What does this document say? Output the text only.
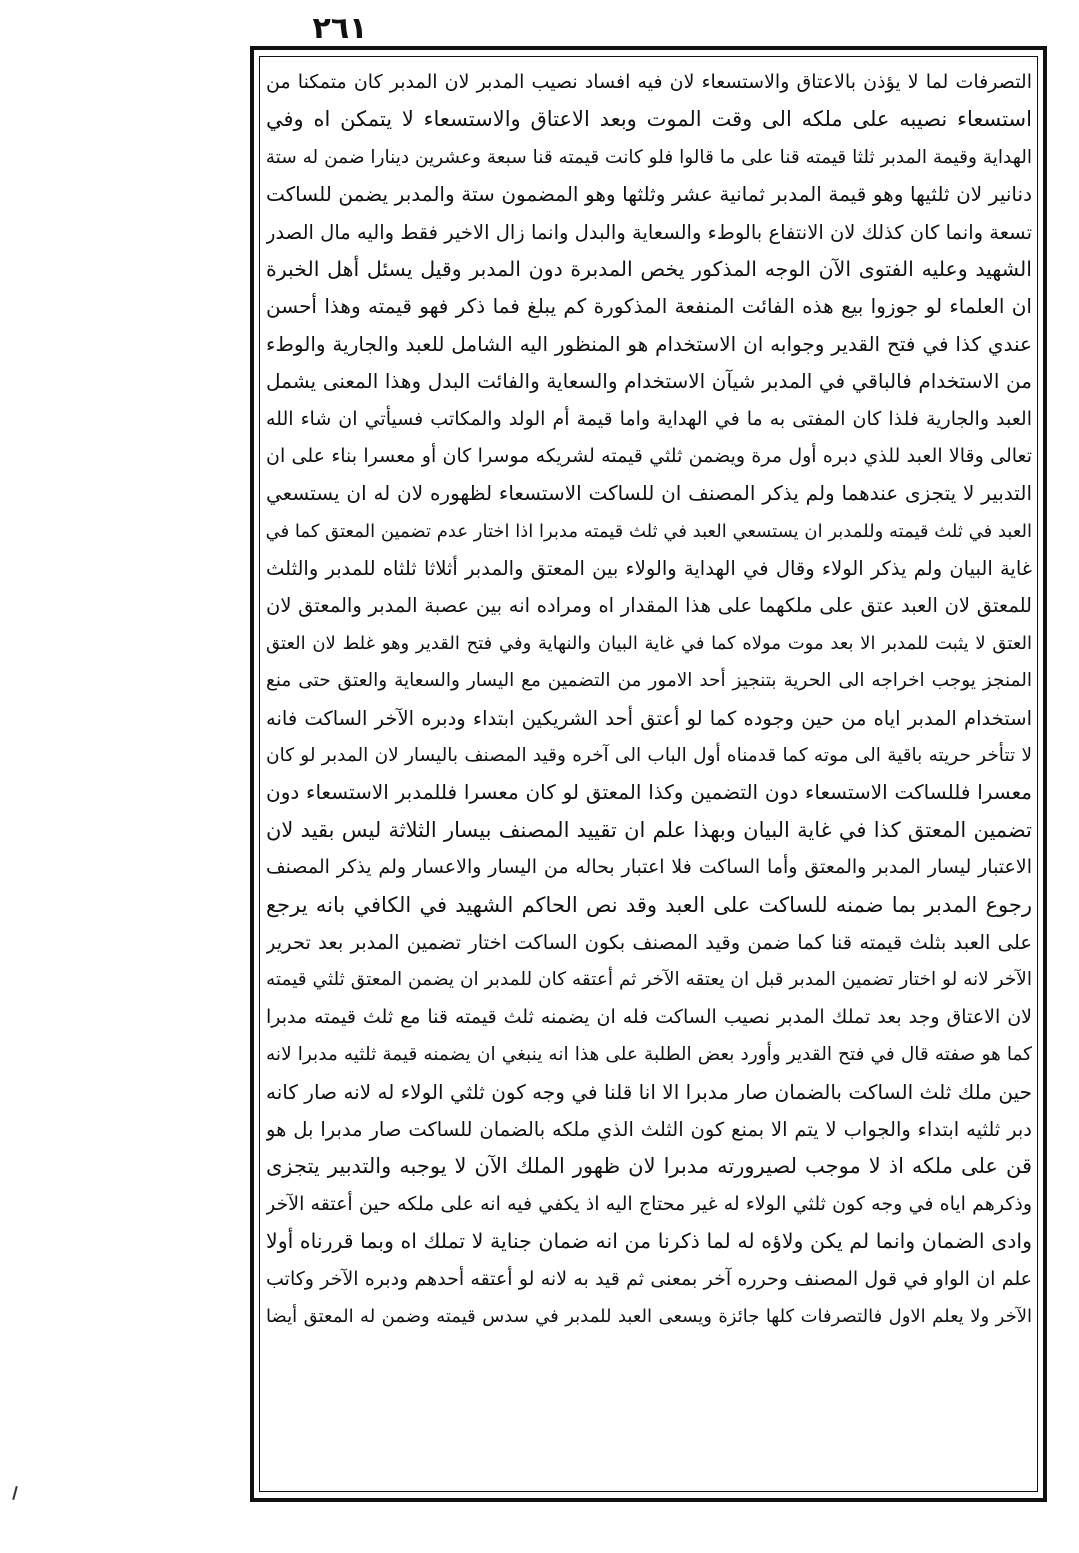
٢٦١
التصرفات لما لا يؤذن بالاعتاق والاستسعاء لان فيه افساد نصيب المدبر لان المدبر كان متمكنا من
استسعاء نصيبه على ملكه الى وقت الموت وبعد الاعتاق والاستسعاء لا يتمكن اه وفي
الهداية وقيمة المدبر ثلثا قيمته قنا على ما قالوا فلو كانت قيمته قنا سبعة وعشرين دينارا ضمن له ستة
دنانير لان ثلثيها وهو قيمة المدبر ثمانية عشر وثلثها وهو المضمون ستة والمدبر يضمن للساكت
تسعة وانما كان كذلك لان الانتفاع بالوطء والسعاية والبدل وانما زال الاخير فقط واليه مال الصدر
الشهيد وعليه الفتوى الآن الوجه المذكور يخص المدبرة دون المدبر وقيل يسئل أهل الخبرة
ان العلماء لو جوزوا بيع هذه الفائت المنفعة المذكورة كم يبلغ فما ذكر فهو قيمته وهذا أحسن
عندي كذا في فتح القدير وجوابه ان الاستخدام هو المنظور اليه الشامل للعبد والجارية والوطء
من الاستخدام فالباقي في المدبر شيآن الاستخدام والسعاية والفائت البدل وهذا المعنى يشمل
العبد والجارية فلذا كان المفتى به ما في الهداية واما قيمة أم الولد والمكاتب فسيأتي ان شاء الله
تعالى وقالا العبد للذي دبره أول مرة ويضمن ثلثي قيمته لشريكه موسرا كان أو معسرا بناء على ان
التدبير لا يتجزى عندهما ولم يذكر المصنف ان للساكت الاستسعاء لظهوره لان له ان يستسعي
العبد في ثلث قيمته وللمدبر ان يستسعي العبد في ثلث قيمته مدبرا اذا اختار عدم تضمين المعتق كما في
غاية البيان ولم يذكر الولاء وقال في الهداية والولاء بين المعتق والمدبر أثلاثا ثلثاه للمدبر والثلث
للمعتق لان العبد عتق على ملكهما على هذا المقدار اه ومراده انه بين عصبة المدبر والمعتق لان
العتق لا يثبت للمدبر الا بعد موت مولاه كما في غاية البيان والنهاية وفي فتح القدير وهو غلط لان العتق
المنجز يوجب اخراجه الى الحرية بتنجيز أحد الامور من التضمين مع اليسار والسعاية والعتق حتى منع
استخدام المدبر اياه من حين وجوده كما لو أعتق أحد الشريكين ابتداء ودبره الآخر الساكت فانه
لا تتأخر حريته باقية الى موته كما قدمناه أول الباب الى آخره وقيد المصنف باليسار لان المدبر لو كان
معسرا فللساكت الاستسعاء دون التضمين وكذا المعتق لو كان معسرا فللمدبر الاستسعاء دون
تضمين المعتق كذا في غاية البيان وبهذا علم ان تقييد المصنف بيسار الثلاثة ليس بقيد لان
الاعتبار ليسار المدبر والمعتق وأما الساكت فلا اعتبار بحاله من اليسار والاعسار ولم يذكر المصنف
رجوع المدبر بما ضمنه للساكت على العبد وقد نص الحاكم الشهيد في الكافي بانه يرجع
على العبد بثلث قيمته قنا كما ضمن وقيد المصنف بكون الساكت اختار تضمين المدبر بعد تحرير
الآخر لانه لو اختار تضمين المدبر قبل ان يعتقه الآخر ثم أعتقه كان للمدبر ان يضمن المعتق ثلثي قيمته
لان الاعتاق وجد بعد تملك المدبر نصيب الساكت فله ان يضمنه ثلث قيمته قنا مع ثلث قيمته مدبرا
كما هو صفته قال في فتح القدير وأورد بعض الطلبة على هذا انه ينبغي ان يضمنه قيمة ثلثيه مدبرا لانه
حين ملك ثلث الساكت بالضمان صار مدبرا الا انا قلنا في وجه كون ثلثي الولاء له لانه صار كانه
دبر ثلثيه ابتداء والجواب لا يتم الا بمنع كون الثلث الذي ملكه بالضمان للساكت صار مدبرا بل هو
قن على ملكه اذ لا موجب لصيرورته مدبرا لان ظهور الملك الآن لا يوجبه والتدبير يتجزى
وذكرهم اياه في وجه كون ثلثي الولاء له غير محتاج اليه اذ يكفي فيه انه على ملكه حين أعتقه الآخر
وادى الضمان وانما لم يكن ولاؤه له لما ذكرنا من انه ضمان جناية لا تملك اه وبما قررناه أولا
علم ان الواو في قول المصنف وحرره آخر بمعنى ثم قيد به لانه لو أعتقه أحدهم ودبره الآخر وكاتب
الآخر ولا يعلم الاول فالتصرفات كلها جائزة ويسعى العبد للمدبر في سدس قيمته وضمن له المعتق أيضا
